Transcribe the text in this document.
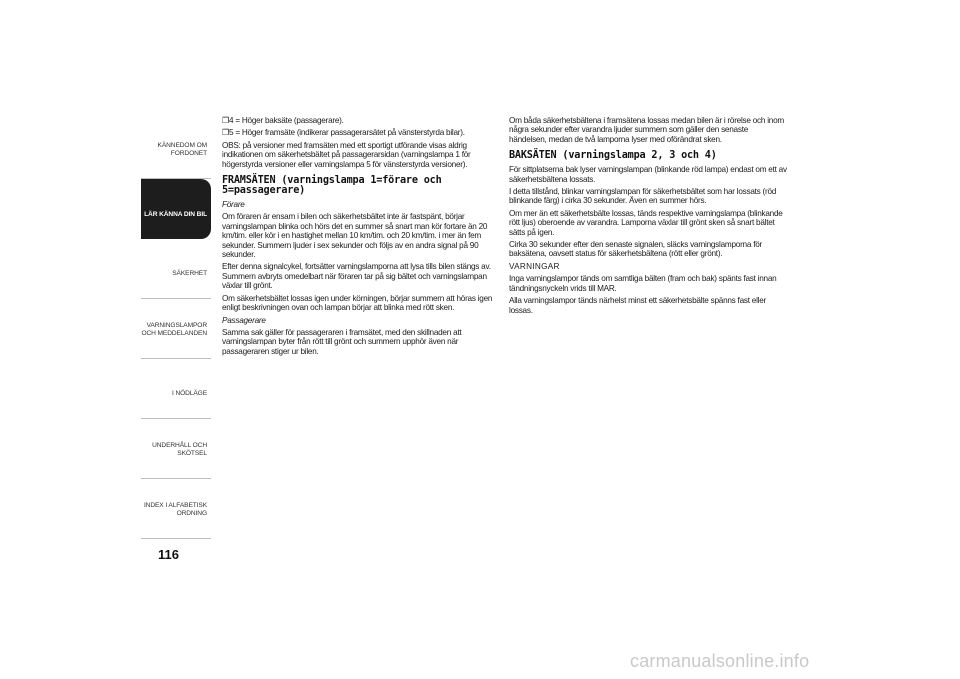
KÄNNEDOM OM FORDONET
LÄR KÄNNA DIN BIL
SÄKERHET
VARNINGSLAMPOR OCH MEDDELANDEN
I NÖDLÄGE
UNDERHÅLL OCH SKÖTSEL
INDEX I ALFABETISK ORDNING
116

❒4 = Höger baksäte (passagerare).

❒5 = Höger framsäte (indikerar passagerarsätet på vänsterstyrda bilar).

OBS: på versioner med framsäten med ett sportigt utförande visas aldrig indikationen om säkerhetsbältet på passagerarsidan (varningslampa 1 för högerstyrda versioner eller varningslampa 5 för vänsterstyrda versioner).

FRAMSÄTEN (varningslampa 1=förare och 5=passagerare)

Förare

Om föraren är ensam i bilen och säkerhetsbältet inte är fastspänt, börjar varningslampan blinka och hörs det en summer så snart man kör fortare än 20 km/tim. eller kör i en hastighet mellan 10 km/tim. och 20 km/tim. i mer än fem sekunder. Summern ljuder i sex sekunder och följs av en andra signal på 90 sekunder.

Efter denna signalcykel, fortsätter varningslamporna att lysa tills bilen stängs av. Summern avbryts omedelbart när föraren tar på sig bältet och varningslampan växlar till grönt.

Om säkerhetsbältet lossas igen under körningen, börjar summern att höras igen enligt beskrivningen ovan och lampan börjar att blinka med rött sken.

Passagerare

Samma sak gäller för passageraren i framsätet, med den skillnaden att varningslampan byter från rött till grönt och summern upphör även när passageraren stiger ur bilen.

Om båda säkerhetsbältena i framsätena lossas medan bilen är i rörelse och inom några sekunder efter varandra ljuder summern som gäller den senaste händelsen, medan de två lamporna lyser med oförändrat sken.

BAKSÄTEN (varningslampa 2, 3 och 4)

För sittplatserna bak lyser varningslampan (blinkande röd lampa) endast om ett av säkerhetsbältena lossats.

I detta tillstånd, blinkar varningslampan för säkerhetsbältet som har lossats (röd blinkande färg) i cirka 30 sekunder. Även en summer hörs.

Om mer än ett säkerhetsbälte lossas, tänds respektive varningslampa (blinkande rött ljus) oberoende av varandra. Lamporna växlar till grönt sken så snart bältet sätts på igen.

Cirka 30 sekunder efter den senaste signalen, släcks varningslamporna för baksätena, oavsett status för säkerhetsbältena (rött eller grönt).

VARNINGAR

Inga varningslampor tänds om samtliga bälten (fram och bak) spänts fast innan tändningsnyckeln vrids till MAR.

Alla varningslampor tänds närhelst minst ett säkerhetsbälte spänns fast eller lossas.

carmanualsonline.info
